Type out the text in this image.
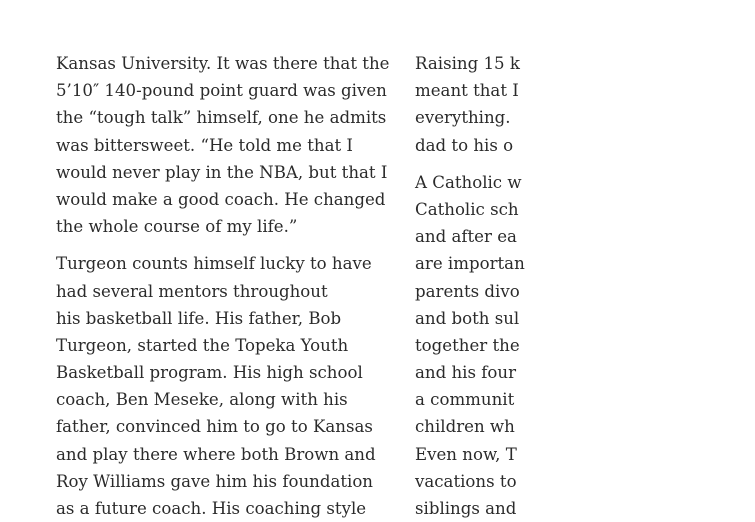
Kansas University. It was there that the
5’10″ 140-pound point guard was given
the “tough talk” himself, one he admits
was bittersweet. “He told me that I
would never play in the NBA, but that I
would make a good coach. He changed
the whole course of my life.”
Turgeon counts himself lucky to have
had several mentors throughout
his basketball life. His father, Bob
Turgeon, started the Topeka Youth
Basketball program. His high school
coach, Ben Meseke, along with his
father, convinced him to go to Kansas
and play there where both Brown and
Roy Williams gave him his foundation
as a future coach. His coaching style
Raising 15 k
meant that I
everything.
dad to his o
A Catholic w
Catholic sch
and after ea
are importan
parents divo
and both sul
together the
and his four
a communit
children wh
Even now, T
vacations to
siblings and
